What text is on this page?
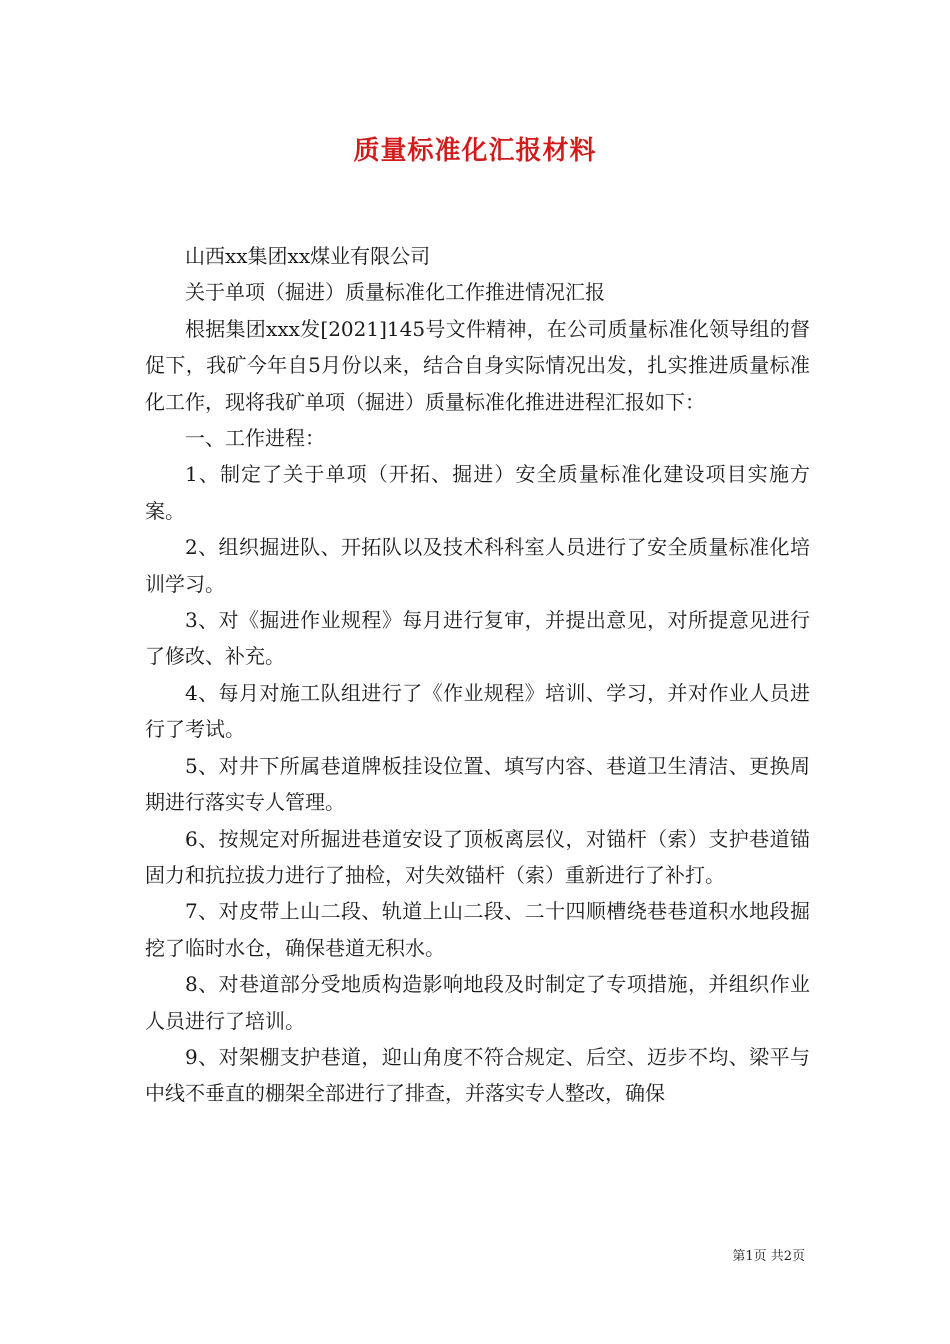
质量标准化汇报材料

山西xx集团xx煤业有限公司

关于单项（掘进）质量标准化工作推进情况汇报

根据集团xxx发[2021]145号文件精神，在公司质量标准化领导组的督促下，我矿今年自5月份以来，结合自身实际情况出发，扎实推进质量标准化工作，现将我矿单项（掘进）质量标准化推进进程汇报如下：

一、工作进程：

1、制定了关于单项（开拓、掘进）安全质量标准化建设项目实施方案。

2、组织掘进队、开拓队以及技术科科室人员进行了安全质量标准化培训学习。

3、对《掘进作业规程》每月进行复审，并提出意见，对所提意见进行了修改、补充。

4、每月对施工队组进行了《作业规程》培训、学习，并对作业人员进行了考试。

5、对井下所属巷道牌板挂设位置、填写内容、巷道卫生清洁、更换周期进行落实专人管理。

6、按规定对所掘进巷道安设了顶板离层仪，对锚杆（索）支护巷道锚固力和抗拉拔力进行了抽检，对失效锚杆（索）重新进行了补打。

7、对皮带上山二段、轨道上山二段、二十四顺槽绕巷巷道积水地段掘挖了临时水仓，确保巷道无积水。

8、对巷道部分受地质构造影响地段及时制定了专项措施，并组织作业人员进行了培训。

9、对架棚支护巷道，迎山角度不符合规定、后空、迈步不均、梁平与中线不垂直的棚架全部进行了排查，并落实专人整改，确保

第1页 共2页
